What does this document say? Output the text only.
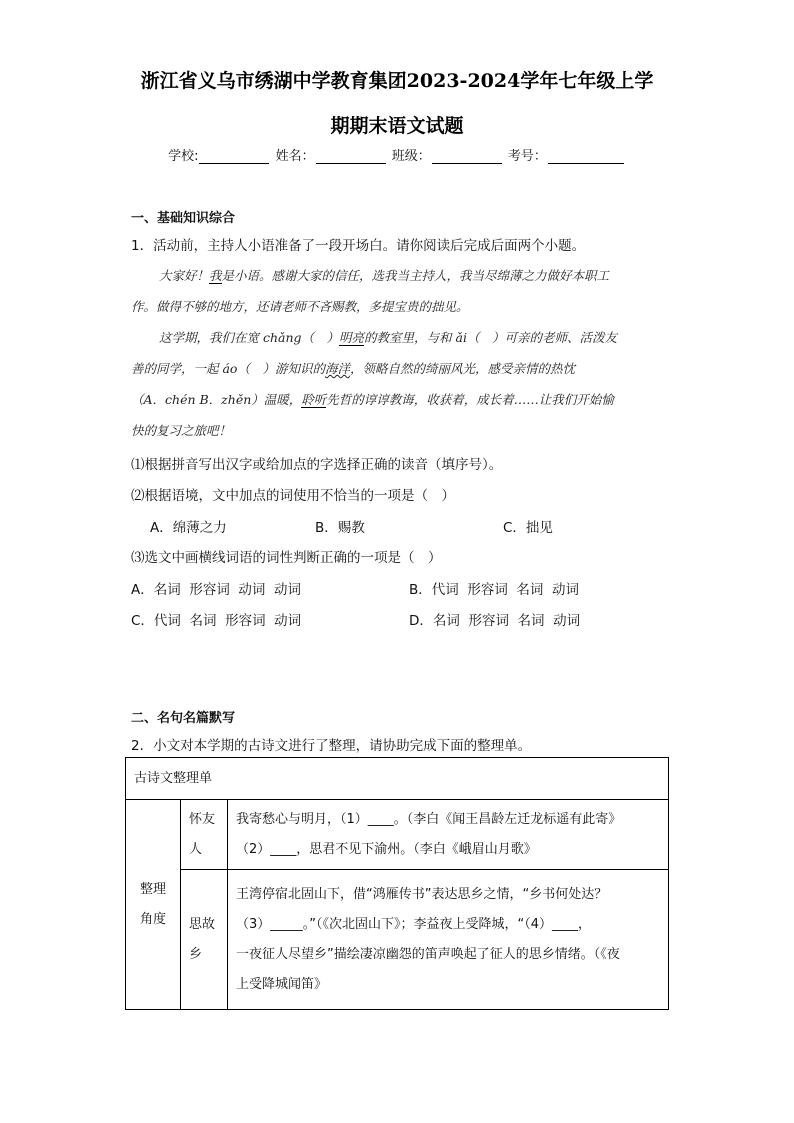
浙江省义乌市绣湖中学教育集团2023-2024学年七年级上学
期期末语文试题
学校:	姓名：	班级：	考号：
一、基础知识综合
1．活动前，主持人小语准备了一段开场白。请你阅读后完成后面两个小题。
大家好！我是小语。感谢大家的信任，选我当主持人，我当尽绵薄之力做好本职工
作。做得不够的地方，还请老师不吝赐教，多提宝贵的拙见。
这学期，我们在宽 chǎng（　）明亮的教室里，与和 ǎi（　）可亲的老师、活泼友
善的同学，一起 áo（　）游知识的海洋，领略自然的绮丽风光，感受亲情的热忱
（A．chén B．zhěn）温暖，聆听先哲的谆谆教诲，收获着，成长着……让我们开始愉
快的复习之旅吧！
⑴根据拼音写出汉字或给加点的字选择正确的读音（填序号）。
⑵根据语境，文中加点的词使用不恰当的一项是（　）
A．绵薄之力	B．赐教	C．拙见
⑶选文中画横线词语的词性判断正确的一项是（　）
A．名词  形容词  动词  动词	B．代词  形容词  名词  动词
C．代词  名词  形容词  动词	D．名词  形容词  名词  动词
二、名句名篇默写
2．小文对本学期的古诗文进行了整理，请协助完成下面的整理单。
古诗文整理单		
整理角度	怀友人	我寄愁心与明月，（1）____。（李白《闻王昌龄左迁龙标遥有此寄》
（2）____，思君不见下渝州。（李白《峨眉山月歌》

	思故乡	王湾停宿北固山下，借“鸿雁传书”表达思乡之情，“乡书何处达？
（3）_____。”（《次北固山下》；李益夜上受降城，“（4）____，
一夜征人尽望乡”描绘凄凉幽怨的笛声唤起了征人的思乡情绪。（《夜
上受降城闻笛》
